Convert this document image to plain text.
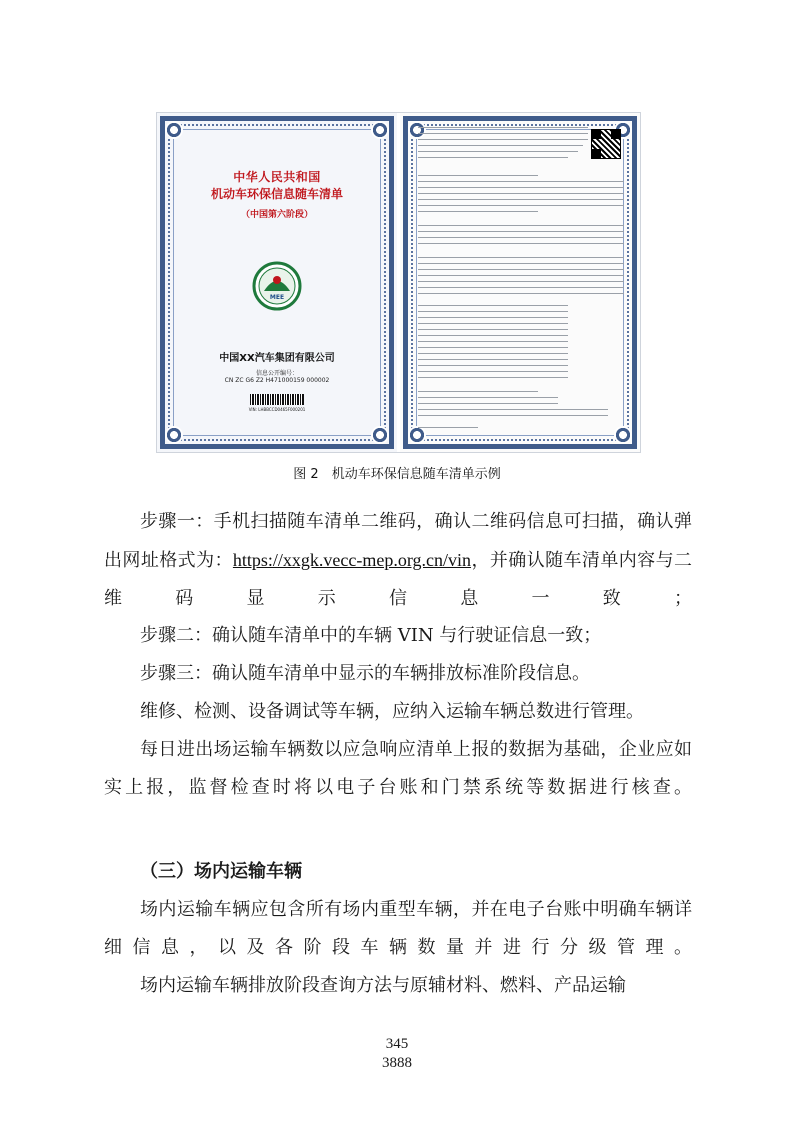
中华人民共和国
机动车环保信息随车清单
（中国第六阶段）
MEE
中国XX汽车集团有限公司
信息公开编号：
CN ZC G6 Z2 H471000159 000002
VIN: LHBBCCD0465F000201
图 2　机动车环保信息随车清单示例

步骤一：手机扫描随车清单二维码，确认二维码信息可扫描，确认弹出网址格式为：https://xxgk.vecc-mep.org.cn/vin，并确认随车清单内容与二维码显示信息一致；

步骤二：确认随车清单中的车辆 VIN 与行驶证信息一致；

步骤三：确认随车清单中显示的车辆排放标准阶段信息。

维修、检测、设备调试等车辆，应纳入运输车辆总数进行管理。

每日进出场运输车辆数以应急响应清单上报的数据为基础，企业应如实上报，监督检查时将以电子台账和门禁系统等数据进行核查。

（三）场内运输车辆

场内运输车辆应包含所有场内重型车辆，并在电子台账中明确车辆详细信息，以及各阶段车辆数量并进行分级管理。

场内运输车辆排放阶段查询方法与原辅材料、燃料、产品运输

345
3888
